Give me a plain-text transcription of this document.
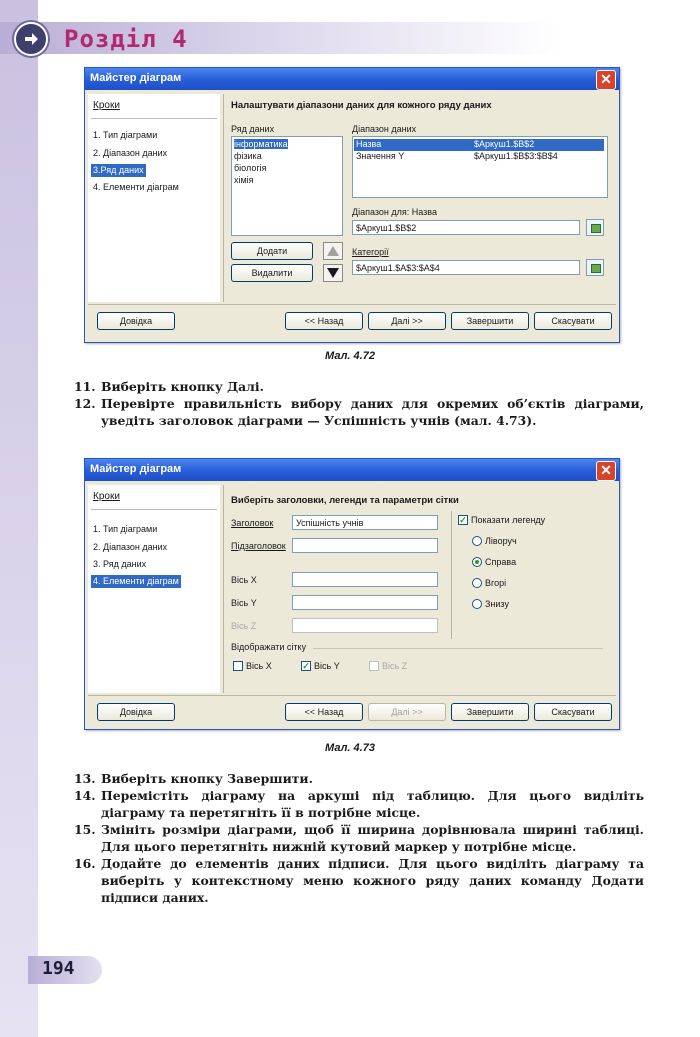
Розділ 4
Майстер діаграм	✕
Кроки
1. Тип діаграми
2. Діапазон даних
3.Ряд даних
4. Елементи діаграм
Налаштувати діапазони даних для кожного ряду даних
Ряд даних
інформатика
фізика
біологія
хімія
Додати
Видалити
Діапазон даних
Назва	$Аркуш1.$B$2
Значення Y	$Аркуш1.$B$3:$B$4
Діапазон для: Назва
$Аркуш1.$B$2
Категорії
$Аркуш1.$A$3:$A$4
Довідка	<< Назад	Далі >>	Завершити	Скасувати
Мал. 4.72
11. Виберіть кнопку Далі.
12. Перевірте правильність вибору даних для окремих об’єктів діаграми, уведіть заголовок діаграми — Успішність учнів (мал. 4.73).
Майстер діаграм	✕
Кроки
1. Тип діаграми
2. Діапазон даних
3. Ряд даних
4. Елементи діаграм
Виберіть заголовки, легенди та параметри сітки
Заголовок	Успішність учнів
Підзаголовок
Вісь X
Вісь Y
Вісь Z
✓ Показати легенду
Ліворуч
Справа
Вгорі
Знизу
Відображати сітку
Вісь X	✓ Вісь Y	Вісь Z
Довідка	<< Назад	Далі >>	Завершити	Скасувати
Мал. 4.73
13. Виберіть кнопку Завершити.
14. Перемістіть діаграму на аркуші під таблицю. Для цього виділіть діаграму та перетягніть її в потрібне місце.
15. Змініть розміри діаграми, щоб її ширина дорівнювала ширині таблиці. Для цього перетягніть нижній кутовий маркер у потрібне місце.
16. Додайте до елементів даних підписи. Для цього виділіть діаграму та виберіть у контекстному меню кожного ряду даних команду Додати підписи даних.
194
